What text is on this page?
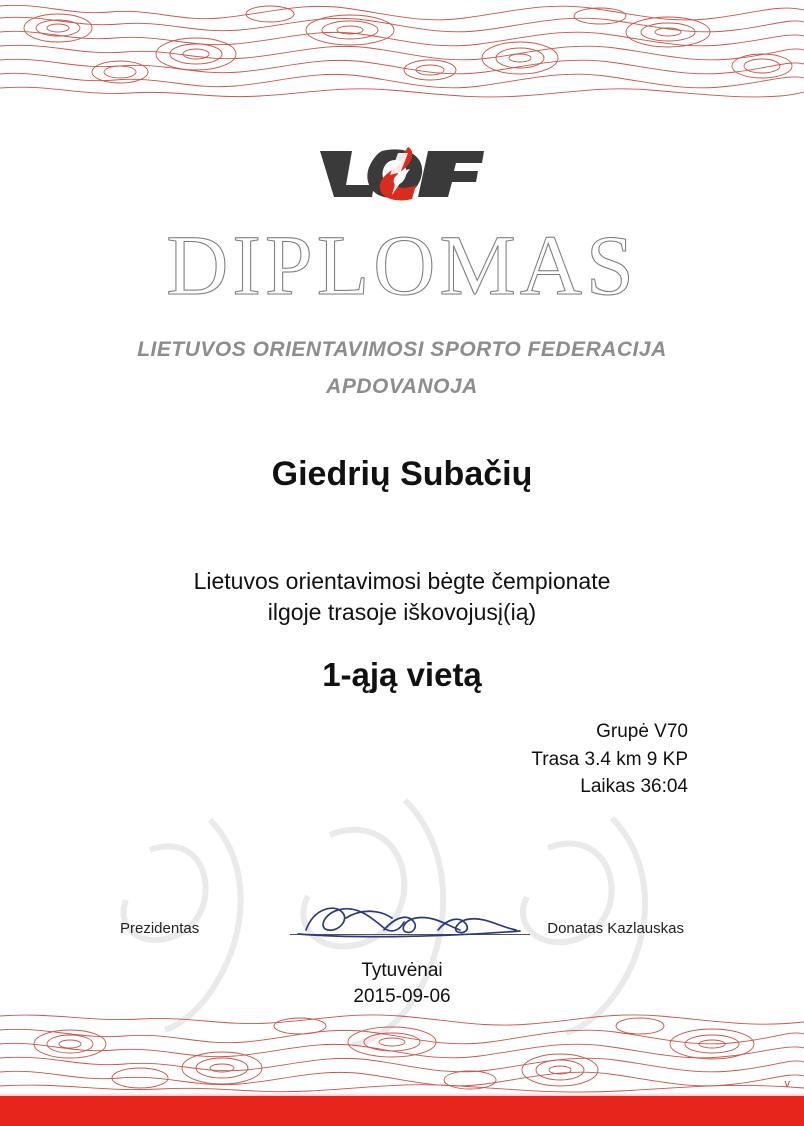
DIPLOMAS
LIETUVOS ORIENTAVIMOSI SPORTO FEDERACIJA
APDOVANOJA
Giedrių Subačių
Lietuvos orientavimosi bėgte čempionate
ilgoje trasoje iškovojusį(ią)
1-ąją vietą
Grupė V70
Trasa 3.4 km 9 KP
Laikas 36:04
Prezidentas	Donatas Kazlauskas
Tytuvėnai
2015-09-06
v
